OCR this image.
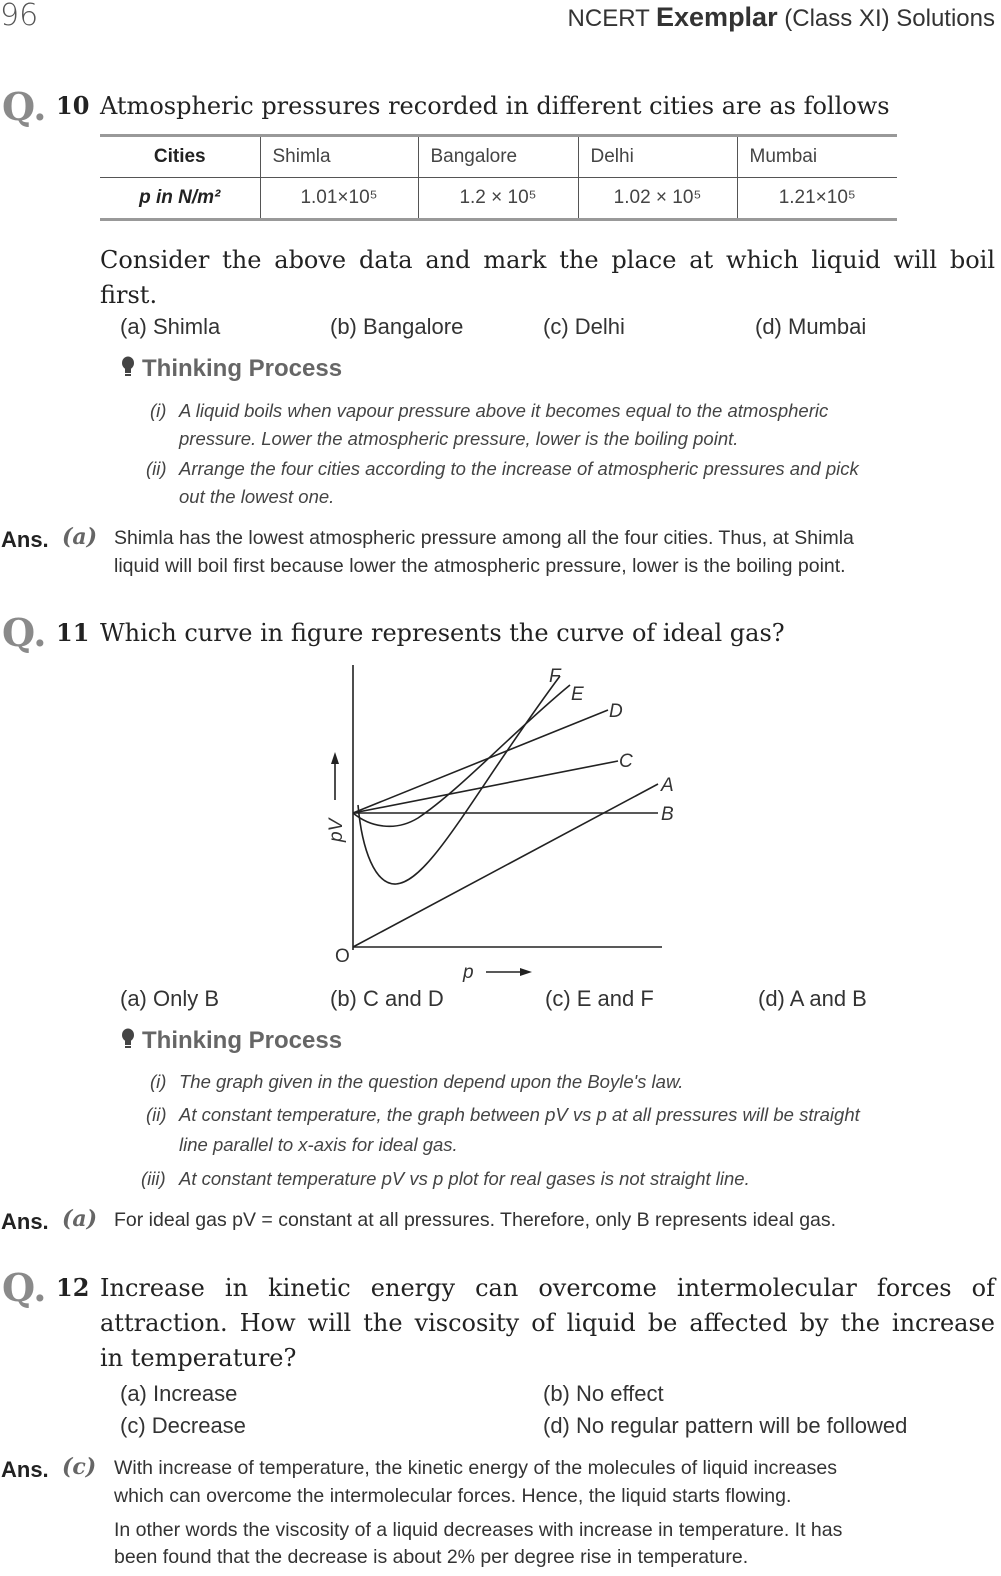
96	NCERT Exemplar (Class XI) Solutions
Q. 10 Atmospheric pressures recorded in different cities are as follows
Cities	Shimla	Bangalore	Delhi	Mumbai
p in N/m²	1.01×10⁵	1.2 × 10⁵	1.02 × 10⁵	1.21×10⁵
Consider the above data and mark the place at which liquid will boil first.
(a) Shimla	(b) Bangalore	(c) Delhi	(d) Mumbai
Thinking Process
(i) A liquid boils when vapour pressure above it becomes equal to the atmospheric
pressure. Lower the atmospheric pressure, lower is the boiling point.
(ii) Arrange the four cities according to the increase of atmospheric pressures and pick
out the lowest one.
Ans. (a) Shimla has the lowest atmospheric pressure among all the four cities. Thus, at Shimla
liquid will boil first because lower the atmospheric pressure, lower is the boiling point.
Q. 11 Which curve in figure represents the curve of ideal gas?
F
E
D
C
A
B
p
O
pV
(a) Only B	(b) C and D	(c) E and F	(d) A and B
Thinking Process
(i) The graph given in the question depend upon the Boyle's law.
(ii) At constant temperature, the graph between pV vs p at all pressures will be straight
line parallel to x-axis for ideal gas.
(iii) At constant temperature pV vs p plot for real gases is not straight line.
Ans. (a) For ideal gas pV = constant at all pressures. Therefore, only B represents ideal gas.
Q. 12 Increase in kinetic energy can overcome intermolecular forces of
attraction. How will the viscosity of liquid be affected by the increase
in temperature?
(a) Increase	(b) No effect
(c) Decrease	(d) No regular pattern will be followed
Ans. (c) With increase of temperature, the kinetic energy of the molecules of liquid increases
which can overcome the intermolecular forces. Hence, the liquid starts flowing.
In other words the viscosity of a liquid decreases with increase in temperature. It has
been found that the decrease is about 2% per degree rise in temperature.
